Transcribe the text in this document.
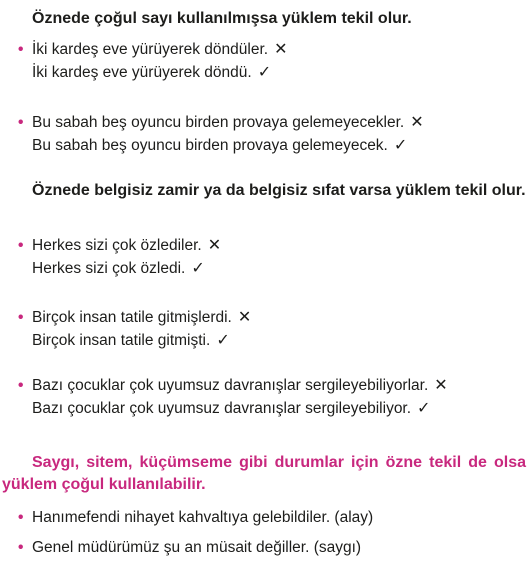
Öznede çoğul sayı kullanılmışsa yüklem tekil olur.

• İki kardeş eve yürüyerek döndüler. ✕
İki kardeş eve yürüyerek döndü. ✓
• Bu sabah beş oyuncu birden provaya gelemeyecekler. ✕
Bu sabah beş oyuncu birden provaya gelemeyecek. ✓

Öznede belgisiz zamir ya da belgisiz sıfat varsa yüklem tekil olur.

• Herkes sizi çok özlediler. ✕
Herkes sizi çok özledi. ✓
• Birçok insan tatile gitmişlerdi. ✕
Birçok insan tatile gitmişti. ✓
• Bazı çocuklar çok uyumsuz davranışlar sergileyebiliyorlar. ✕
Bazı çocuklar çok uyumsuz davranışlar sergileyebiliyor. ✓

Saygı, sitem, küçümseme gibi durumlar için özne tekil de olsa yüklem çoğul kullanılabilir.

• Hanımefendi nihayet kahvaltıya gelebildiler. (alay)
• Genel müdürümüz şu an müsait değiller. (saygı)
